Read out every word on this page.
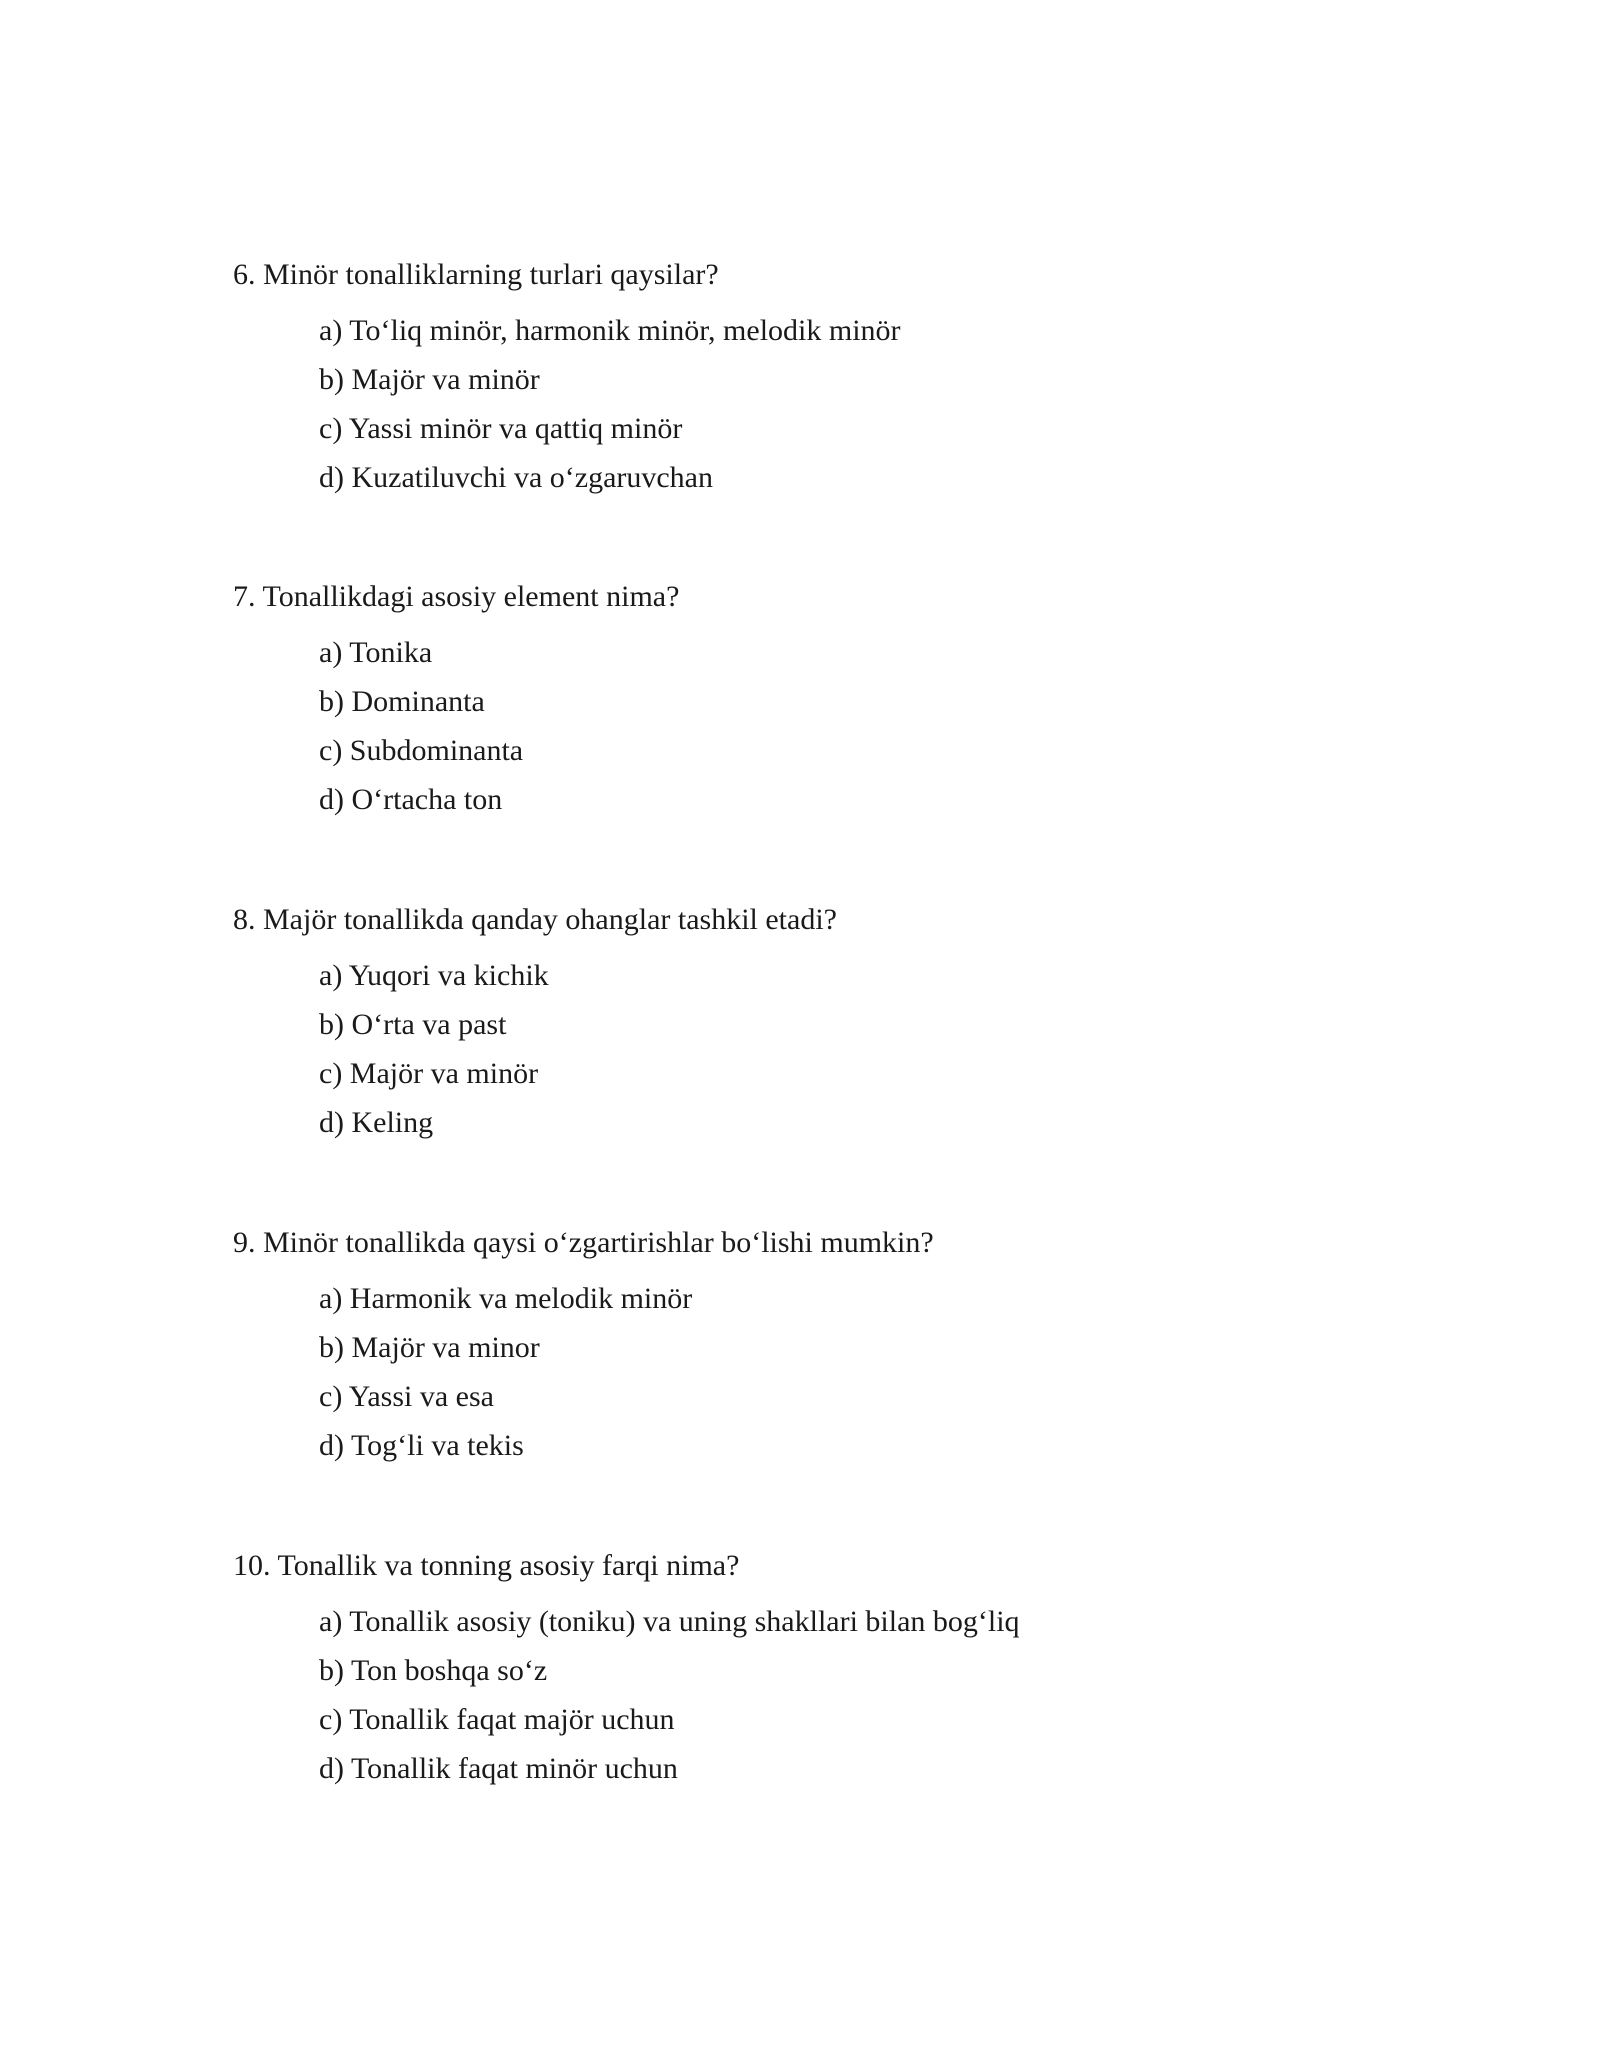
6. Minör tonalliklarning turlari qaysilar?

a) To‘liq minör, harmonik minör, melodik minör
b) Majör va minör
c) Yassi minör va qattiq minör
d) Kuzatiluvchi va o‘zgaruvchan

7. Tonallikdagi asosiy element nima?

a) Tonika
b) Dominanta
c) Subdominanta
d) O‘rtacha ton

8. Majör tonallikda qanday ohanglar tashkil etadi?

a) Yuqori va kichik
b) O‘rta va past
c) Majör va minör
d) Keling

9. Minör tonallikda qaysi o‘zgartirishlar bo‘lishi mumkin?

a) Harmonik va melodik minör
b) Majör va minor
c) Yassi va esa
d) Tog‘li va tekis

10. Tonallik va tonning asosiy farqi nima?

a) Tonallik asosiy (toniku) va uning shakllari bilan bog‘liq
b) Ton boshqa so‘z
c) Tonallik faqat majör uchun
d) Tonallik faqat minör uchun
